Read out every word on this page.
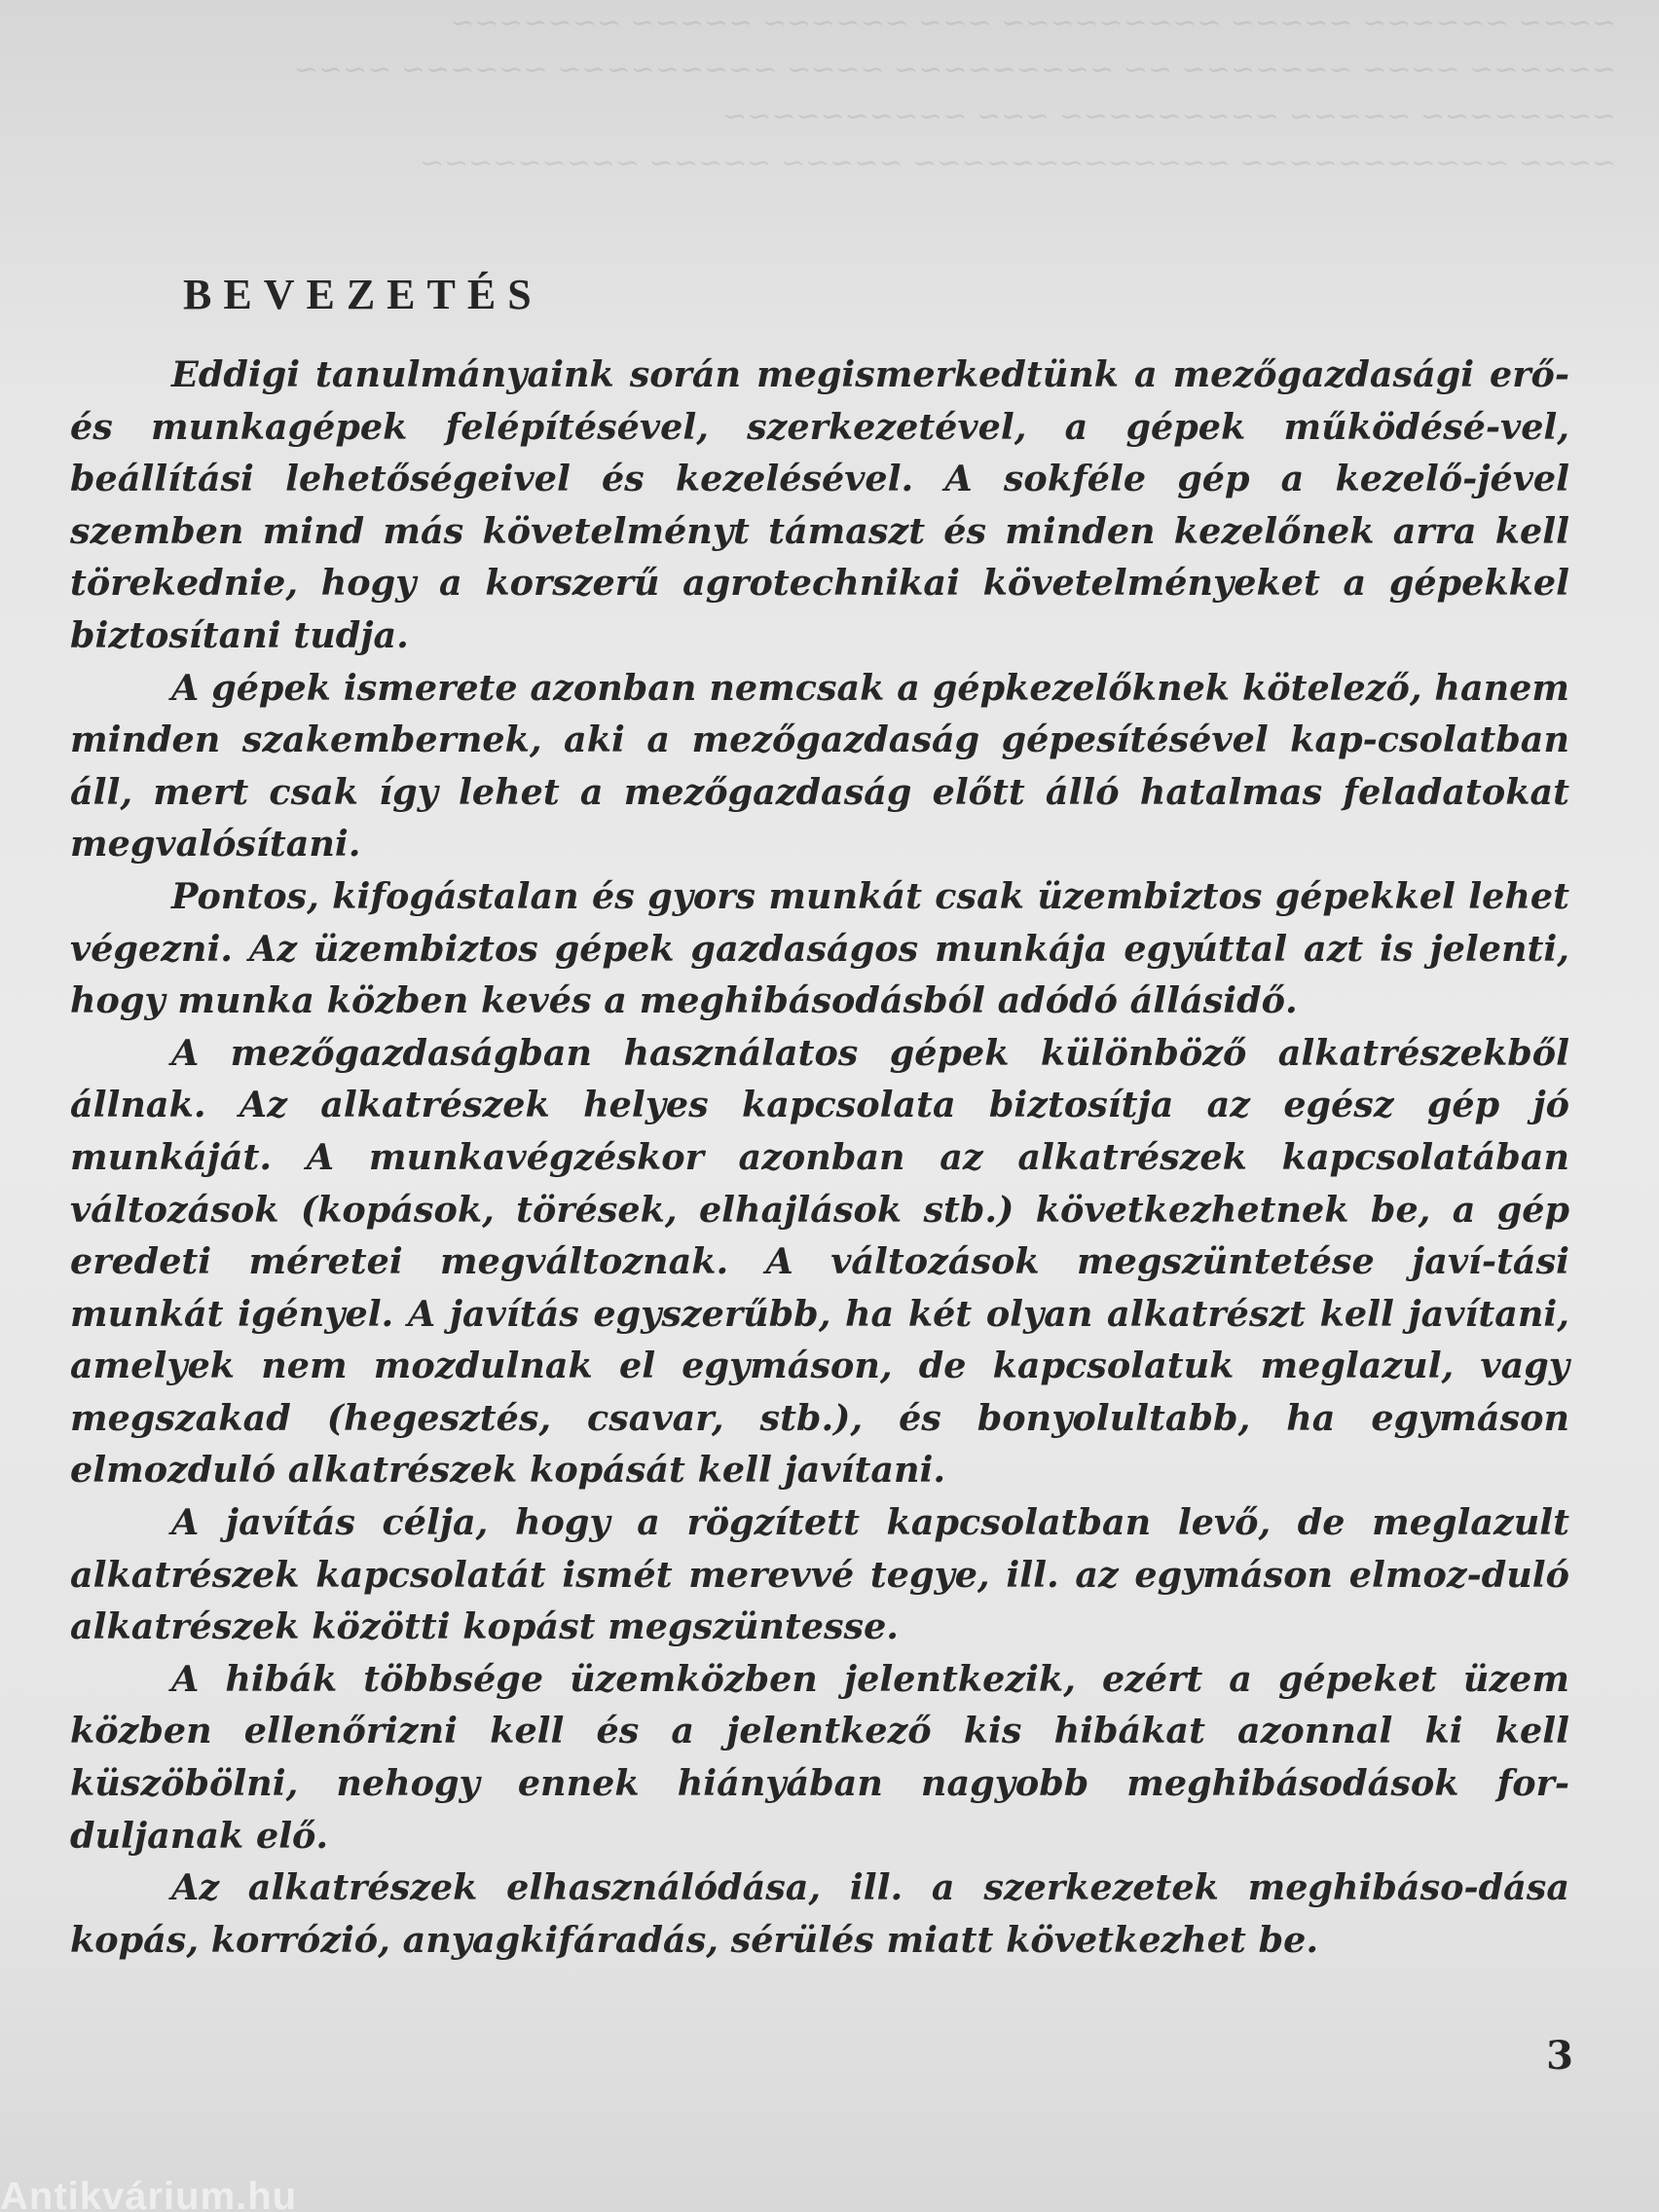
~~~~ ~~~~~~ ~~~~~ ~~~~~~~~~ ~~~ ~~~~~~ ~~~~~ ~~~~~~~
~~~~~~ ~~~~ ~~~~~~~ ~~ ~~~~~~~~~ ~~~~ ~~~~~~~~~ ~~~~~~ ~~~~
~~~~~~~~ ~~~~~ ~~~~~~~~~ ~~~ ~~~~~~~~~~
~~~~ ~~~~~~~~~~~ ~~~~~~~~~~~~~ ~~~~~ ~~~~~ ~~~~~~~~~
BEVEZETÉS

Eddigi tanulmányaink során megismerkedtünk a mezőgazdasági erő- és munkagépek felépítésével, szerkezetével, a gépek működésé-vel, beállítási lehetőségeivel és kezelésével. A sokféle gép a kezelő-jével szemben mind más követelményt támaszt és minden kezelőnek arra kell törekednie, hogy a korszerű agrotechnikai követelményeket a gépekkel biztosítani tudja.

A gépek ismerete azonban nemcsak a gépkezelőknek kötelező, hanem minden szakembernek, aki a mezőgazdaság gépesítésével kap-csolatban áll, mert csak így lehet a mezőgazdaság előtt álló hatalmas feladatokat megvalósítani.

Pontos, kifogástalan és gyors munkát csak üzembiztos gépekkel lehet végezni. Az üzembiztos gépek gazdaságos munkája egyúttal azt is jelenti, hogy munka közben kevés a meghibásodásból adódó állásidő.

A mezőgazdaságban használatos gépek különböző alkatrészekből állnak. Az alkatrészek helyes kapcsolata biztosítja az egész gép jó munkáját. A munkavégzéskor azonban az alkatrészek kapcsolatában változások (kopások, törések, elhajlások stb.) következhetnek be, a gép eredeti méretei megváltoznak. A változások megszüntetése javí-tási munkát igényel. A javítás egyszerűbb, ha két olyan alkatrészt kell javítani, amelyek nem mozdulnak el egymáson, de kapcsolatuk meglazul, vagy megszakad (hegesztés, csavar, stb.), és bonyolultabb, ha egymáson elmozduló alkatrészek kopását kell javítani.

A javítás célja, hogy a rögzített kapcsolatban levő, de meglazult alkatrészek kapcsolatát ismét merevvé tegye, ill. az egymáson elmoz-duló alkatrészek közötti kopást megszüntesse.

A hibák többsége üzemközben jelentkezik, ezért a gépeket üzem közben ellenőrizni kell és a jelentkező kis hibákat azonnal ki kell küszöbölni, nehogy ennek hiányában nagyobb meghibásodások for-duljanak elő.

Az alkatrészek elhasználódása, ill. a szerkezetek meghibáso-dása kopás, korrózió, anyagkifáradás, sérülés miatt következhet be.

3
Antikvárium.hu
